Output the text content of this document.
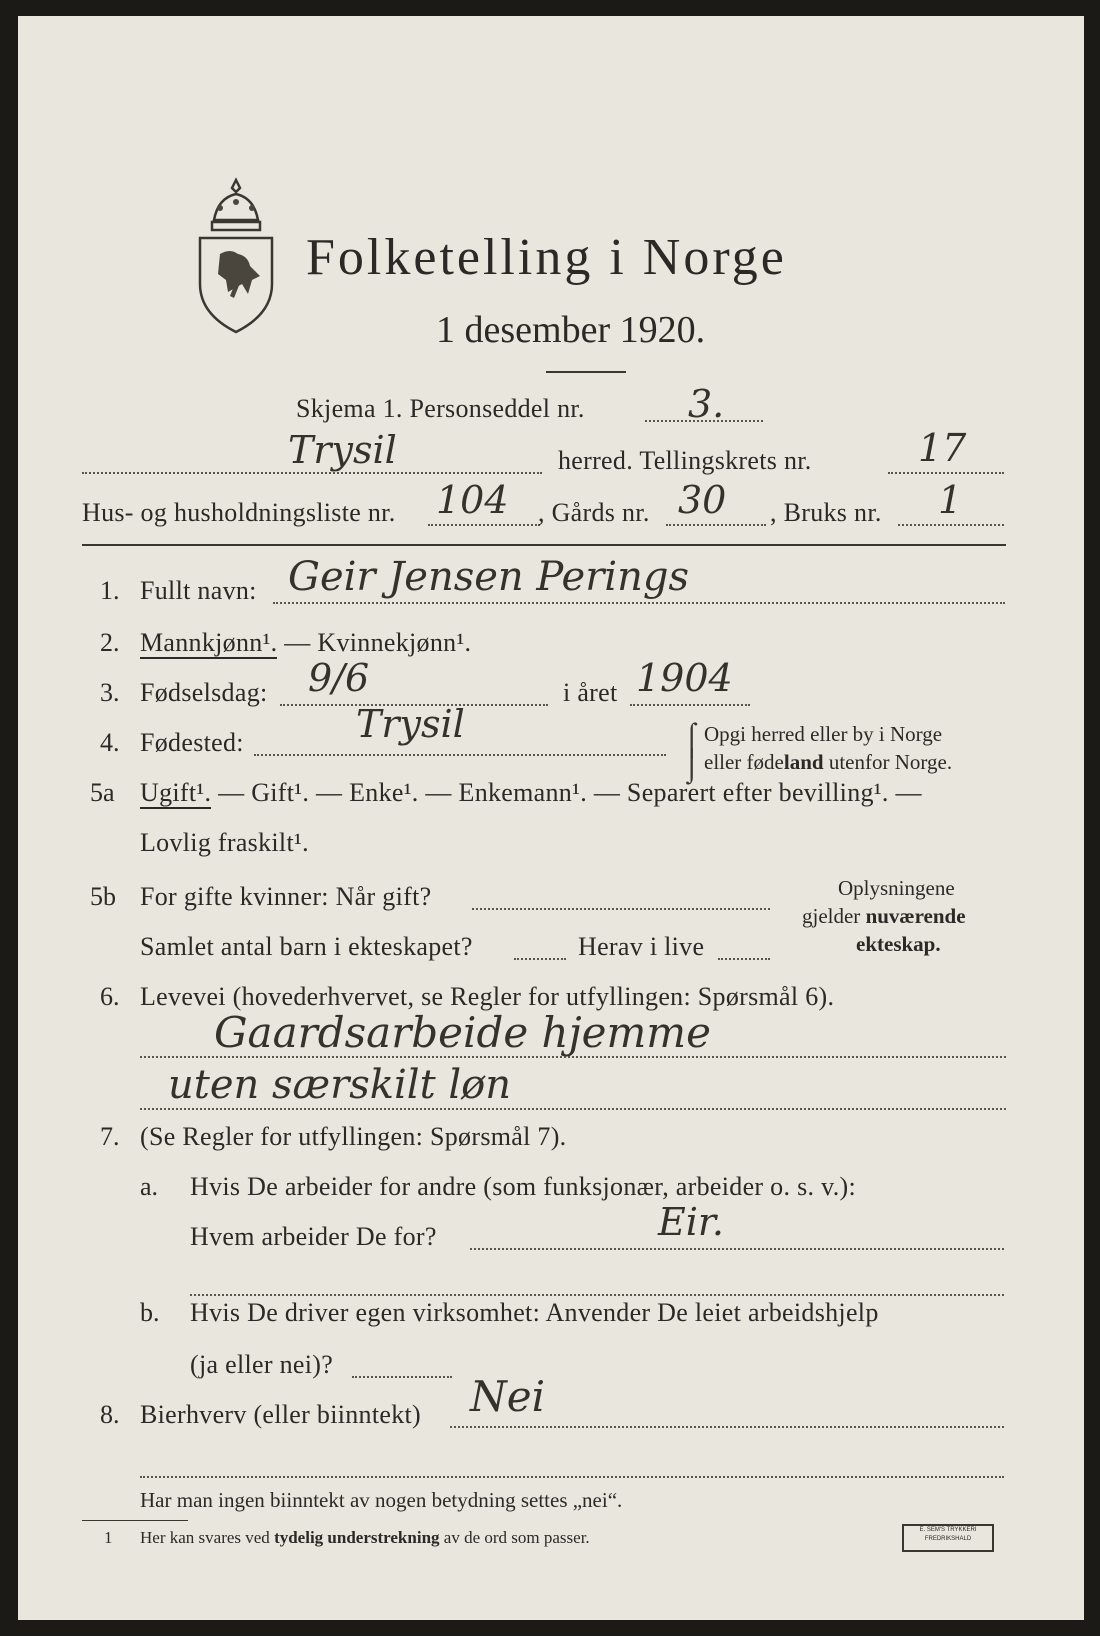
Folketelling i Norge
1 desember 1920.
Skjema 1. Personseddel nr.	3.
Trysil	herred. Tellingskrets nr.	17
Hus- og husholdningsliste nr. 104 , Gårds nr. 30 , Bruks nr. 1
1. Fullt navn: Geir Jensen Perings
2. Mannkjønn¹. — Kvinnekjønn¹.
3. Fødselsdag: 9/6	i året 1904
4. Fødested:	Trysil	⌠
⌡
Opgi herred eller by i Norge
eller fødeland utenfor Norge.
5a Ugift¹. — Gift¹. — Enke¹. — Enkemann¹. — Separert efter bevilling¹. —
Lovlig fraskilt¹.
5b For gifte kvinner: Når gift?
Samlet antal barn i ekteskapet?	Herav i live
Oplysningene
gjelder nuværende
ekteskap.
6. Levevei (hovederhvervet, se Regler for utfyllingen: Spørsmål 6).
Gaardsarbeide hjemme
uten særskilt løn
7. (Se Regler for utfyllingen: Spørsmål 7).
a. Hvis De arbeider for andre (som funksjonær, arbeider o. s. v.):
Hvem arbeider De for?	Eir.
b. Hvis De driver egen virksomhet: Anvender De leiet arbeidshjelp
(ja eller nei)?
8. Bierhverv (eller biinntekt) Nei
Har man ingen biinntekt av nogen betydning settes „nei“.
1 Her kan svares ved tydelig understrekning av de ord som passer.	E. SEM'S TRYKKERI
FREDRIKSHALD
